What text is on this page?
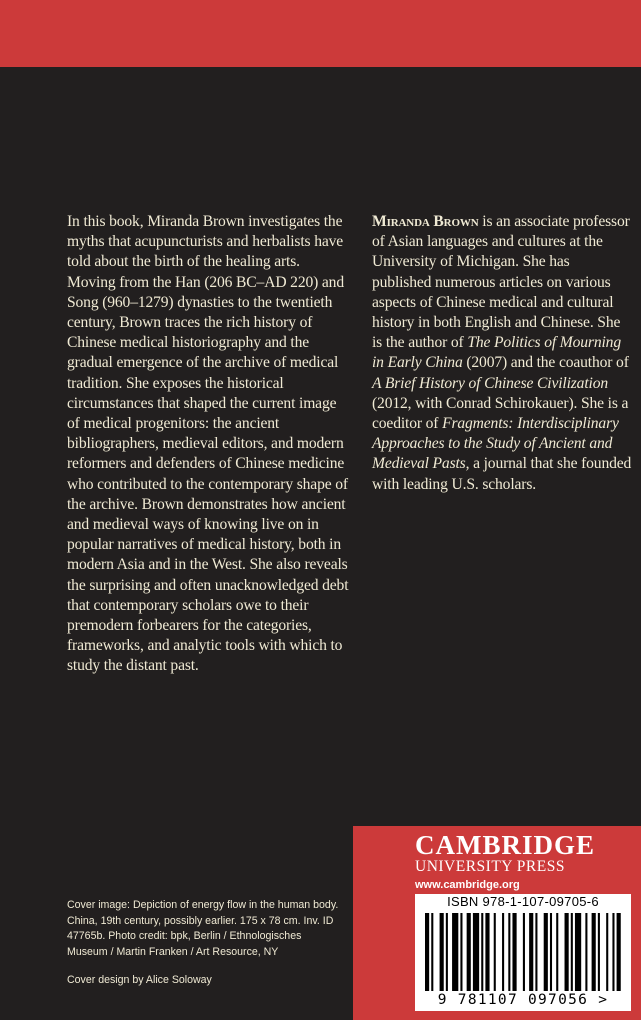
In this book, Miranda Brown investigates the myths that acupuncturists and herbalists have told about the birth of the healing arts. Moving from the Han (206 BC–AD 220) and Song (960–1279) dynasties to the twentieth century, Brown traces the rich history of Chinese medical historiography and the gradual emergence of the archive of medical tradition. She exposes the historical circumstances that shaped the current image of medical progenitors: the ancient bibliographers, medieval editors, and modern reformers and defenders of Chinese medicine who contributed to the contemporary shape of the archive. Brown demonstrates how ancient and medieval ways of knowing live on in popular narratives of medical history, both in modern Asia and in the West. She also reveals the surprising and often unacknowledged debt that contemporary scholars owe to their premodern forbearers for the categories, frameworks, and analytic tools with which to study the distant past.

Miranda Brown is an associate professor of Asian languages and cultures at the University of Michigan. She has published numerous articles on various aspects of Chinese medical and cultural history in both English and Chinese. She is the author of The Politics of Mourning in Early China (2007) and the coauthor of A Brief History of Chinese Civilization (2012, with Conrad Schirokauer). She is a coeditor of Fragments: Interdisciplinary Approaches to the Study of Ancient and Medieval Pasts, a journal that she founded with leading U.S. scholars.

Cover image: Depiction of energy flow in the human body. China, 19th century, possibly earlier. 175 x 78 cm. Inv. ID 47765b. Photo credit: bpk, Berlin / Ethnologisches Museum / Martin Franken / Art Resource, NY

Cover design by Alice Soloway
CAMBRIDGE
UNIVERSITY PRESS
www.cambridge.org
ISBN 978-1-107-09705-6
9 781107 097056 >
